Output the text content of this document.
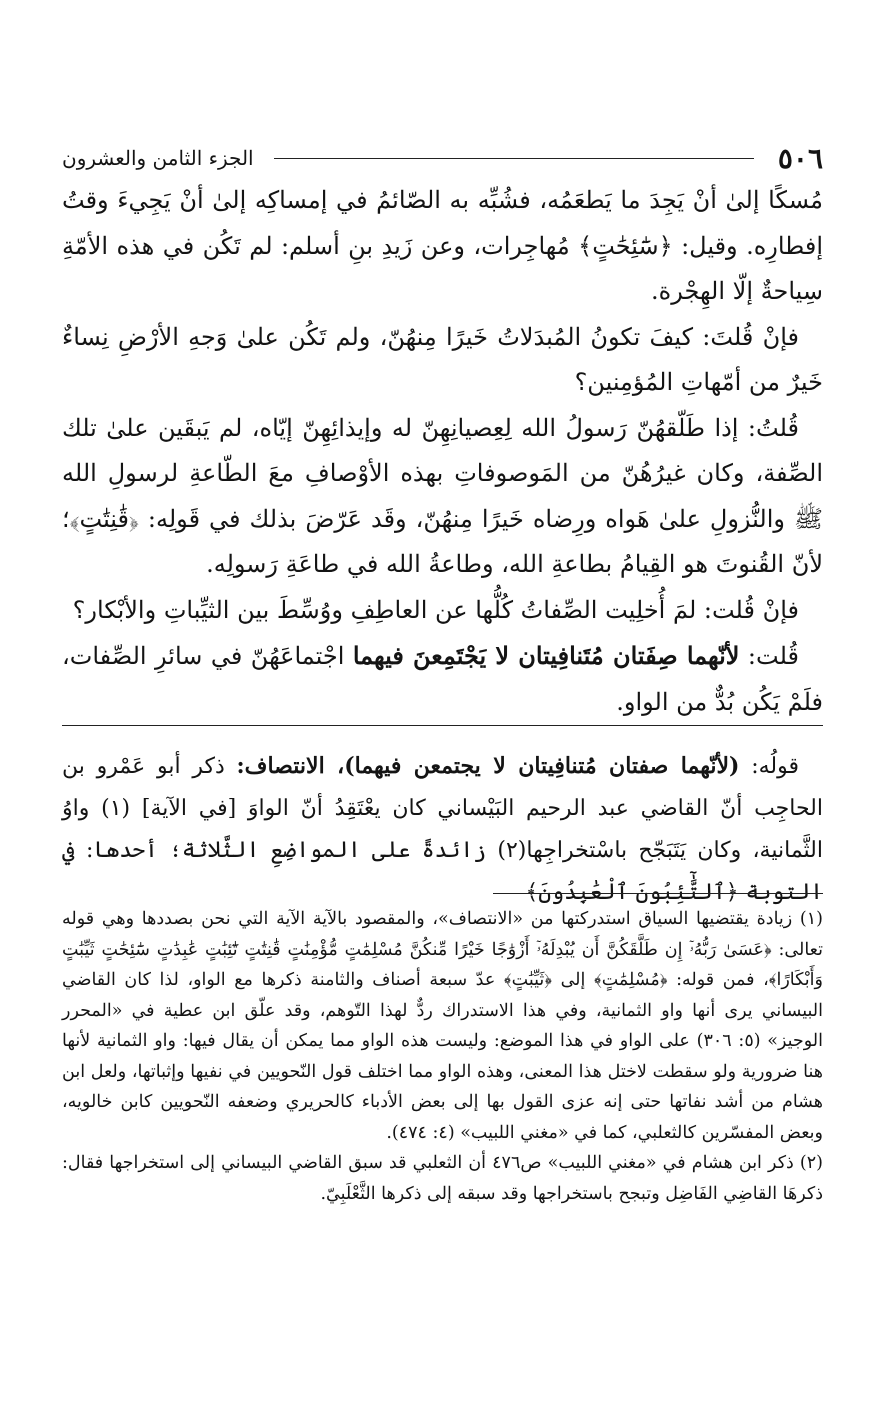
٥٠٦
الجزء الثامن والعشرون

مُسكًا إلىٰ أنْ يَجِدَ ما يَطعَمُه، فشُبِّه به الصّائمُ في إمساكِه إلىٰ أنْ يَجِيءَ وقتُ إفطارِه. وقيل: ﴿سَٰٓئِحَٰتٍ﴾ مُهاجِرات، وعن زَيدِ بنِ أسلم: لم تَكُن في هذه الأمّةِ سِياحةٌ إلّا الهِجْرة.

فإنْ قُلتَ: كيفَ تكونُ المُبدَلاتُ خَيرًا مِنهُنّ، ولم تَكُن علىٰ وَجهِ الأرْضِ نِساءٌ خَيرٌ من أمّهاتِ المُؤمِنين؟

قُلتُ: إذا طَلّقهُنّ رَسولُ الله لِعِصيانِهِنّ له وإيذائِهِنّ إيّاه، لم يَبقَين علىٰ تلك الصِّفة، وكان غيرُهُنّ من المَوصوفاتِ بهذه الأوْصافِ معَ الطّاعةِ لرسولِ الله ﷺ والنُّزولِ علىٰ هَواه ورِضاه خَيرًا مِنهُنّ، وقَد عَرّضَ بذلك في قَولِه: ﴿قَٰنِتَٰتٍ﴾؛ لأنّ القُنوتَ هو القِيامُ بطاعةِ الله، وطاعةُ الله في طاعَةِ رَسولِه.

فإنْ قُلت: لمَ أُخلِيت الصِّفاتُ كُلُّها عن العاطِفِ ووُسِّطَ بين الثيِّباتِ والأبْكار؟

قُلت: لأنّهما صِفَتان مُتَنافِيتان لا يَجْتَمِعنَ فيهما اجْتماعَهُنّ في سائرِ الصِّفات، فلَمْ يَكُن بُدٌّ من الواو.

قولُه: (لأنّهما صفتان مُتنافِيتان لا يجتمعن فيهما)، الانتصاف: ذكر أبو عَمْرو بن الحاجِب أنّ القاضي عبد الرحيم البَيْساني كان يعْتَقِدُ أنّ الواوَ [في الآية] (١) واوُ الثَّمانية، وكان يَتَبَجّح باسْتخراجِها(٢) زائدةً على المواضِعِ الثَّلاثة؛ أحدها: في التوبة ﴿ٱلتَّٰٓئِبُونَ ٱلْعَٰبِدُونَ﴾

(١) زيادة يقتضيها السياق استدركتها من «الانتصاف»، والمقصود بالآية الآية التي نحن بصددها وهي قوله تعالى: ﴿عَسَىٰ رَبُّهُۥٓ إِن طَلَّقَكُنَّ أَن يُبْدِلَهُۥٓ أَزْوَٰجًا خَيْرًا مِّنكُنَّ مُسْلِمَٰتٍ مُّؤْمِنَٰتٍ قَٰنِتَٰتٍ تَٰٓئِبَٰتٍ عَٰبِدَٰتٍ سَٰٓئِحَٰتٍ ثَيِّبَٰتٍ وَأَبْكَارًا﴾، فمن قوله: ﴿مُسْلِمَٰتٍ﴾ إلى ﴿ثَيِّبَٰتٍ﴾ عدّ سبعة أصناف والثامنة ذكرها مع الواو، لذا كان القاضي البيساني يرى أنها واو الثمانية، وفي هذا الاستدراك ردٌّ لهذا التّوهم، وقد علّق ابن عطية في «المحرر الوجيز» (٥: ٣٠٦) على الواو في هذا الموضع: وليست هذه الواو مما يمكن أن يقال فيها: واو الثمانية لأنها هنا ضرورية ولو سقطت لاختل هذا المعنى، وهذه الواو مما اختلف قول النّحويين في نفيها وإثباتها، ولعل ابن هشام من أشد نفاتها حتى إنه عزى القول بها إلى بعض الأدباء كالحريري وضعفه النّحويين كابن خالويه، وبعض المفسّرين كالثعلبي، كما في «مغني اللبيب» (٤: ٤٧٤).

(٢) ذكر ابن هشام في «مغني اللبيب» ص٤٧٦ أن الثعلبي قد سبق القاضي البيساني إلى استخراجها فقال: ذكرهَا القاضِي الفَاضِل وتبجح باستخراجها وقد سبقه إلى ذكرها الثَّعْلَبِيّ.
